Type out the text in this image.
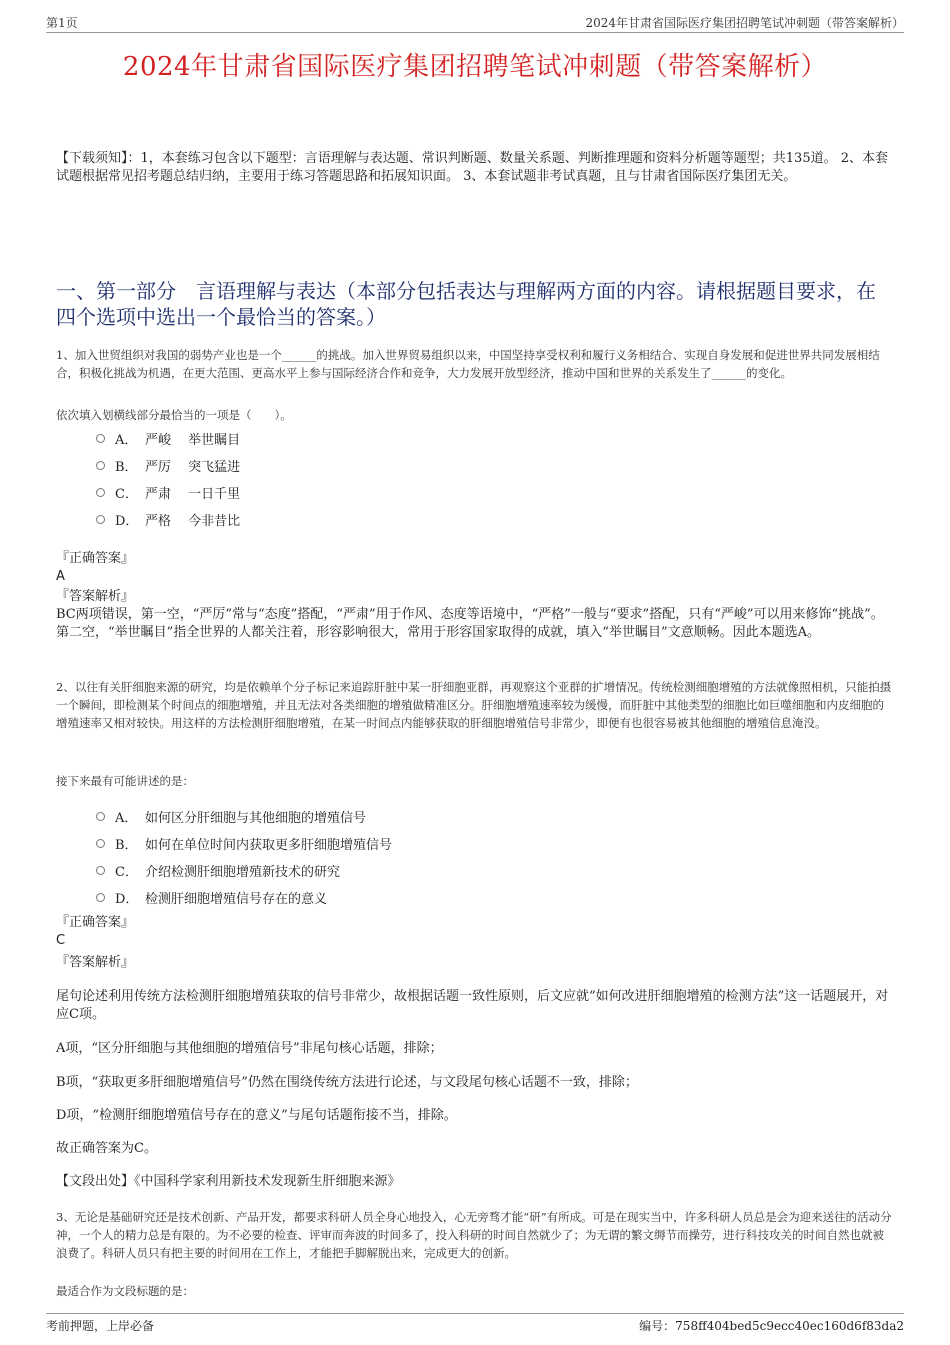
第1页	2024年甘肃省国际医疗集团招聘笔试冲刺题（带答案解析）
2024年甘肃省国际医疗集团招聘笔试冲刺题（带答案解析）
【下载须知】：1，本套练习包含以下题型：言语理解与表达题、常识判断题、数量关系题、判断推理题和资料分析题等题型；共135道。 2、本套试题根据常见招考题总结归纳，主要用于练习答题思路和拓展知识面。 3、本套试题非考试真题，且与甘肃省国际医疗集团无关。
一、第一部分　言语理解与表达（本部分包括表达与理解两方面的内容。请根据题目要求，在四个选项中选出一个最恰当的答案。）
1、加入世贸组织对我国的弱势产业也是一个______的挑战。加入世界贸易组织以来，中国坚持享受权利和履行义务相结合、实现自身发展和促进世界共同发展相结合，积极化挑战为机遇，在更大范围、更高水平上参与国际经济合作和竞争，大力发展开放型经济，推动中国和世界的关系发生了______的变化。
依次填入划横线部分最恰当的一项是（　　）。
A． 严峻　 举世瞩目
B． 严厉　 突飞猛进
C． 严肃　 一日千里
D． 严格　 今非昔比
『正确答案』
A
『答案解析』
BC两项错误，第一空，“严厉”常与“态度”搭配，“严肃”用于作风、态度等语境中，“严格”一般与“要求”搭配，只有“严峻”可以用来修饰“挑战”。第二空，“举世瞩目”指全世界的人都关注着，形容影响很大，常用于形容国家取得的成就，填入“举世瞩目”文意顺畅。因此本题选A。
2、以往有关肝细胞来源的研究，均是依赖单个分子标记来追踪肝脏中某一肝细胞亚群，再观察这个亚群的扩增情况。传统检测细胞增殖的方法就像照相机，只能拍摄一个瞬间，即检测某个时间点的细胞增殖，并且无法对各类细胞的增殖做精准区分。肝细胞增殖速率较为缓慢，而肝脏中其他类型的细胞比如巨噬细胞和内皮细胞的增殖速率又相对较快。用这样的方法检测肝细胞增殖，在某一时间点内能够获取的肝细胞增殖信号非常少，即便有也很容易被其他细胞的增殖信息淹没。
接下来最有可能讲述的是：
A． 如何区分肝细胞与其他细胞的增殖信号
B． 如何在单位时间内获取更多肝细胞增殖信号
C． 介绍检测肝细胞增殖新技术的研究
D． 检测肝细胞增殖信号存在的意义
『正确答案』
C
『答案解析』
尾句论述利用传统方法检测肝细胞增殖获取的信号非常少，故根据话题一致性原则，后文应就“如何改进肝细胞增殖的检测方法”这一话题展开，对应C项。
A项，“区分肝细胞与其他细胞的增殖信号”非尾句核心话题，排除；
B项，“获取更多肝细胞增殖信号”仍然在围绕传统方法进行论述，与文段尾句核心话题不一致，排除；
D项，“检测肝细胞增殖信号存在的意义”与尾句话题衔接不当，排除。
故正确答案为C。
【文段出处】《中国科学家利用新技术发现新生肝细胞来源》
3、无论是基础研究还是技术创新、产品开发，都要求科研人员全身心地投入，心无旁骛才能“研”有所成。可是在现实当中，许多科研人员总是会为迎来送往的活动分神，一个人的精力总是有限的。为不必要的检查、评审而奔波的时间多了，投入科研的时间自然就少了；为无谓的繁文缛节而操劳，进行科技攻关的时间自然也就被浪费了。科研人员只有把主要的时间用在工作上，才能把手脚解脱出来，完成更大的创新。
最适合作为文段标题的是：
考前押题，上岸必备	编号：758ff404bed5c9ecc40ec160d6f83da2
